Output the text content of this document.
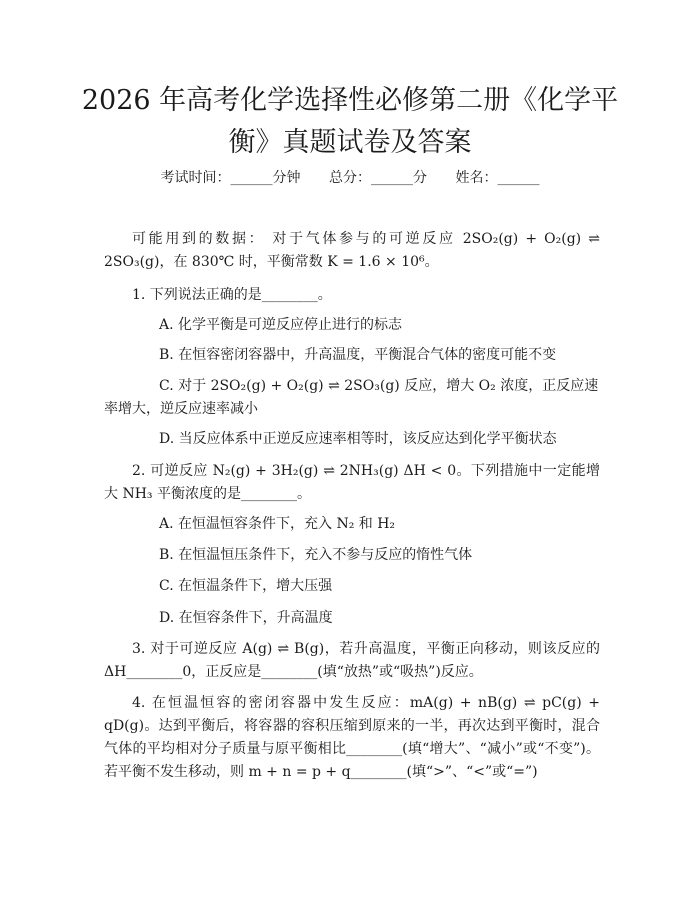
2026 年高考化学选择性必修第二册《化学平
衡》真题试卷及答案
考试时间：______分钟 总分：______分 姓名：______

可能用到的数据： 对于气体参与的可逆反应 2SO₂(g) + O₂(g) ⇌ 2SO₃(g)，在 830℃ 时，平衡常数 K = 1.6 × 10⁶。

1. 下列说法正确的是________。

A. 化学平衡是可逆反应停止进行的标志

B. 在恒容密闭容器中，升高温度，平衡混合气体的密度可能不变

C. 对于 2SO₂(g) + O₂(g) ⇌ 2SO₃(g) 反应，增大 O₂ 浓度，正反应速率增大，逆反应速率减小

D. 当反应体系中正逆反应速率相等时，该反应达到化学平衡状态

2. 可逆反应 N₂(g) + 3H₂(g) ⇌ 2NH₃(g) ΔH < 0。下列措施中一定能增大 NH₃ 平衡浓度的是________。

A. 在恒温恒容条件下，充入 N₂ 和 H₂

B. 在恒温恒压条件下，充入不参与反应的惰性气体

C. 在恒温条件下，增大压强

D. 在恒容条件下，升高温度

3. 对于可逆反应 A(g) ⇌ B(g)，若升高温度，平衡正向移动，则该反应的 ΔH________0，正反应是________(填“放热”或“吸热”)反应。

4. 在恒温恒容的密闭容器中发生反应：mA(g) + nB(g) ⇌ pC(g) + qD(g)。达到平衡后，将容器的容积压缩到原来的一半，再次达到平衡时，混合气体的平均相对分子质量与原平衡相比________(填“增大”、“减小”或“不变”)。若平衡不发生移动，则 m + n = p + q________(填“>”、“<”或“=”)
